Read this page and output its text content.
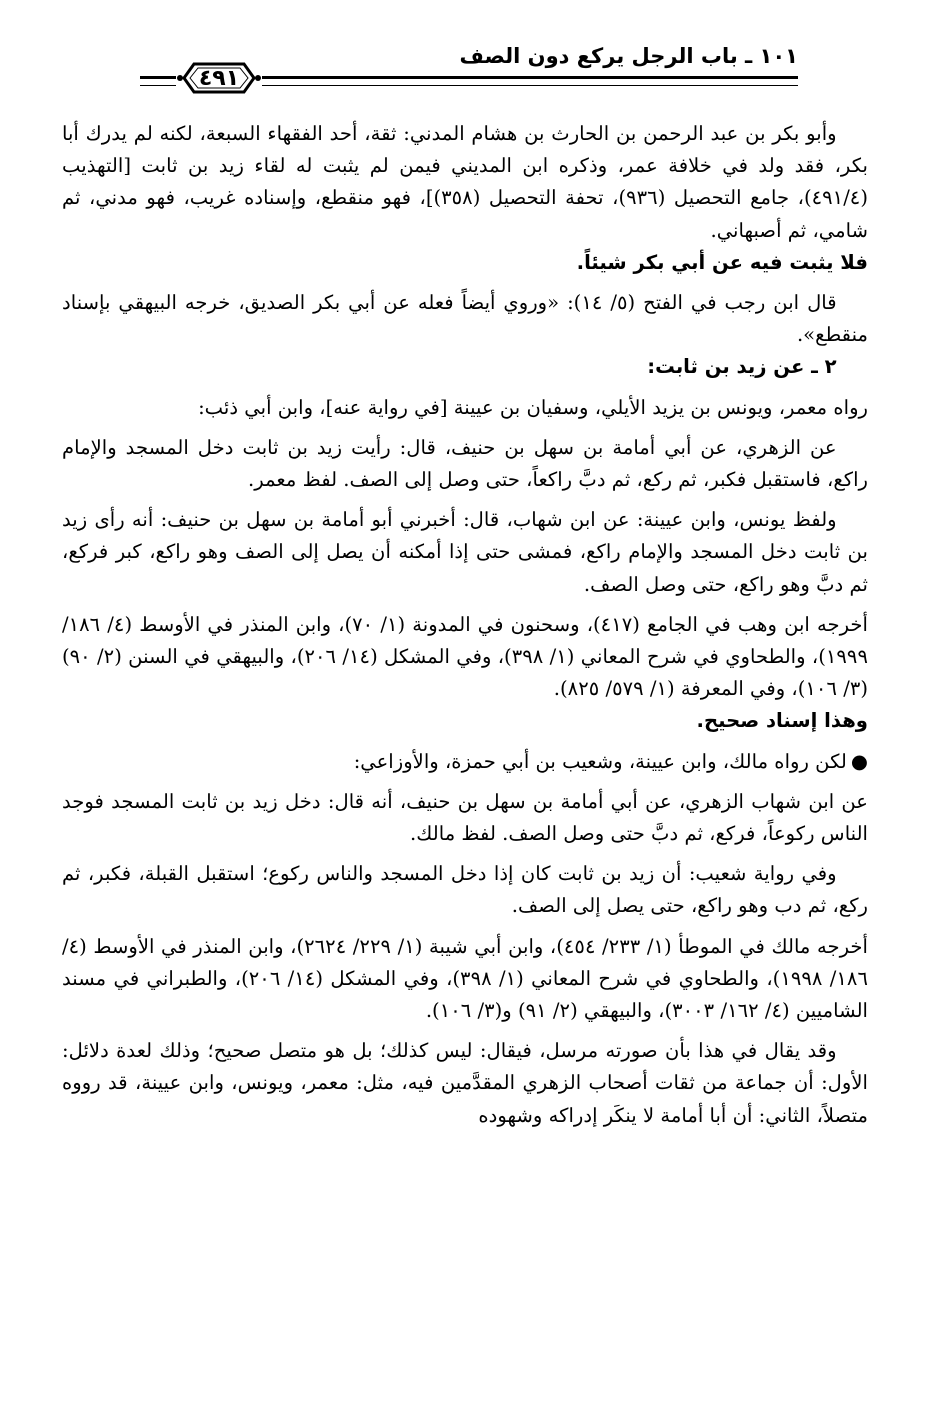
١٠١ ـ باب الرجل يركع دون الصف
٤٩١

وأبو بكر بن عبد الرحمن بن الحارث بن هشام المدني: ثقة، أحد الفقهاء السبعة، لكنه لم يدرك أبا بكر، فقد ولد في خلافة عمر، وذكره ابن المديني فيمن لم يثبت له لقاء زيد بن ثابت [التهذيب (٤٩١/٤)، جامع التحصيل (٩٣٦)، تحفة التحصيل (٣٥٨)]، فهو منقطع، وإسناده غريب، فهو مدني، ثم شامي، ثم أصبهاني.

فلا يثبت فيه عن أبي بكر شيئاً.

قال ابن رجب في الفتح (٥/ ١٤): «وروي أيضاً فعله عن أبي بكر الصديق، خرجه البيهقي بإسناد منقطع».

٢ ـ عن زيد بن ثابت:

رواه معمر، ويونس بن يزيد الأيلي، وسفيان بن عيينة [في رواية عنه]، وابن أبي ذئب:

عن الزهري، عن أبي أمامة بن سهل بن حنيف، قال: رأيت زيد بن ثابت دخل المسجد والإمام راكع، فاستقبل فكبر، ثم ركع، ثم دبَّ راكعاً، حتى وصل إلى الصف. لفظ معمر.

ولفظ يونس، وابن عيينة: عن ابن شهاب، قال: أخبرني أبو أمامة بن سهل بن حنيف: أنه رأى زيد بن ثابت دخل المسجد والإمام راكع، فمشى حتى إذا أمكنه أن يصل إلى الصف وهو راكع، كبر فركع، ثم دبَّ وهو راكع، حتى وصل الصف.

أخرجه ابن وهب في الجامع (٤١٧)، وسحنون في المدونة (١/ ٧٠)، وابن المنذر في الأوسط (٤/ ١٨٦/ ١٩٩٩)، والطحاوي في شرح المعاني (١/ ٣٩٨)، وفي المشكل (١٤/ ٢٠٦)، والبيهقي في السنن (٢/ ٩٠) (٣/ ١٠٦)، وفي المعرفة (١/ ٥٧٩/ ٨٢٥).

وهذا إسناد صحيح.

●لكن رواه مالك، وابن عيينة، وشعيب بن أبي حمزة، والأوزاعي:

عن ابن شهاب الزهري، عن أبي أمامة بن سهل بن حنيف، أنه قال: دخل زيد بن ثابت المسجد فوجد الناس ركوعاً، فركع، ثم دبَّ حتى وصل الصف. لفظ مالك.

وفي رواية شعيب: أن زيد بن ثابت كان إذا دخل المسجد والناس ركوع؛ استقبل القبلة، فكبر، ثم ركع، ثم دب وهو راكع، حتى يصل إلى الصف.

أخرجه مالك في الموطأ (١/ ٢٣٣/ ٤٥٤)، وابن أبي شيبة (١/ ٢٢٩/ ٢٦٢٤)، وابن المنذر في الأوسط (٤/ ١٨٦/ ١٩٩٨)، والطحاوي في شرح المعاني (١/ ٣٩٨)، وفي المشكل (١٤/ ٢٠٦)، والطبراني في مسند الشاميين (٤/ ١٦٢/ ٣٠٠٣)، والبيهقي (٢/ ٩١) و(٣/ ١٠٦).

وقد يقال في هذا بأن صورته مرسل، فيقال: ليس كذلك؛ بل هو متصل صحيح؛ وذلك لعدة دلائل: الأول: أن جماعة من ثقات أصحاب الزهري المقدَّمين فيه، مثل: معمر، ويونس، وابن عيينة، قد رووه متصلاً، الثاني: أن أبا أمامة لا ينكَر إدراكه وشهوده
